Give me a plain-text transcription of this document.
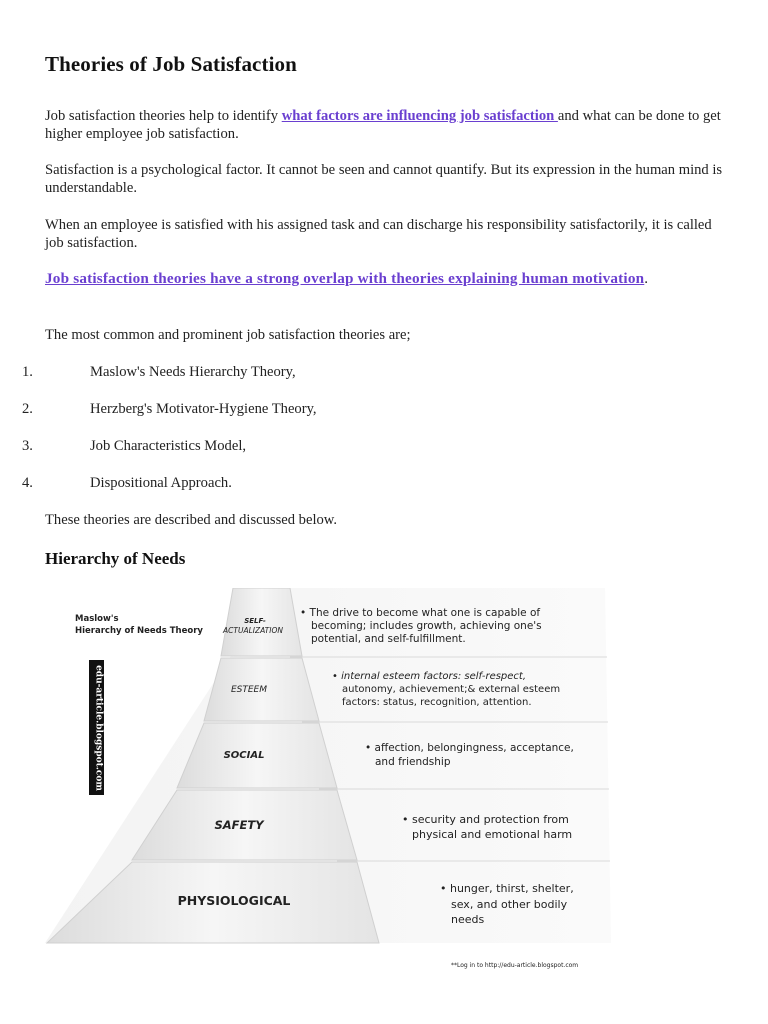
Theories of Job Satisfaction

Job satisfaction theories help to identify what factors are influencing job satisfaction and what can be done to get higher employee job satisfaction.

Satisfaction is a psychological factor. It cannot be seen and cannot quantify. But its expression in the human mind is understandable.

When an employee is satisfied with his assigned task and can discharge his responsibility satisfactorily, it is called job satisfaction.

Job satisfaction theories have a strong overlap with theories explaining human motivation.

The most common and prominent job satisfaction theories are;

1.	Maslow's Needs Hierarchy Theory,
2.	Herzberg's Motivator-Hygiene Theory,
3.	Job Characteristics Model,
4.	Dispositional Approach.

These theories are described and discussed below.

Hierarchy of Needs
Maslow's
Hierarchy of Needs Theory
edu-article.blogspot.com
SELF-
ACTUALIZATION
ESTEEM
SOCIAL
SAFETY
PHYSIOLOGICAL
• The drive to become what one is capable of
becoming; includes growth, achieving one's
potential, and self-fulfillment.
• internal esteem factors: self-respect,
autonomy, achievement;& external esteem
factors: status, recognition, attention.
• affection, belongingness, acceptance,
and friendship
• security and protection from
physical and emotional harm
• hunger, thirst, shelter,
sex, and other bodily
needs
**Log in to http://edu-article.blogspot.com
